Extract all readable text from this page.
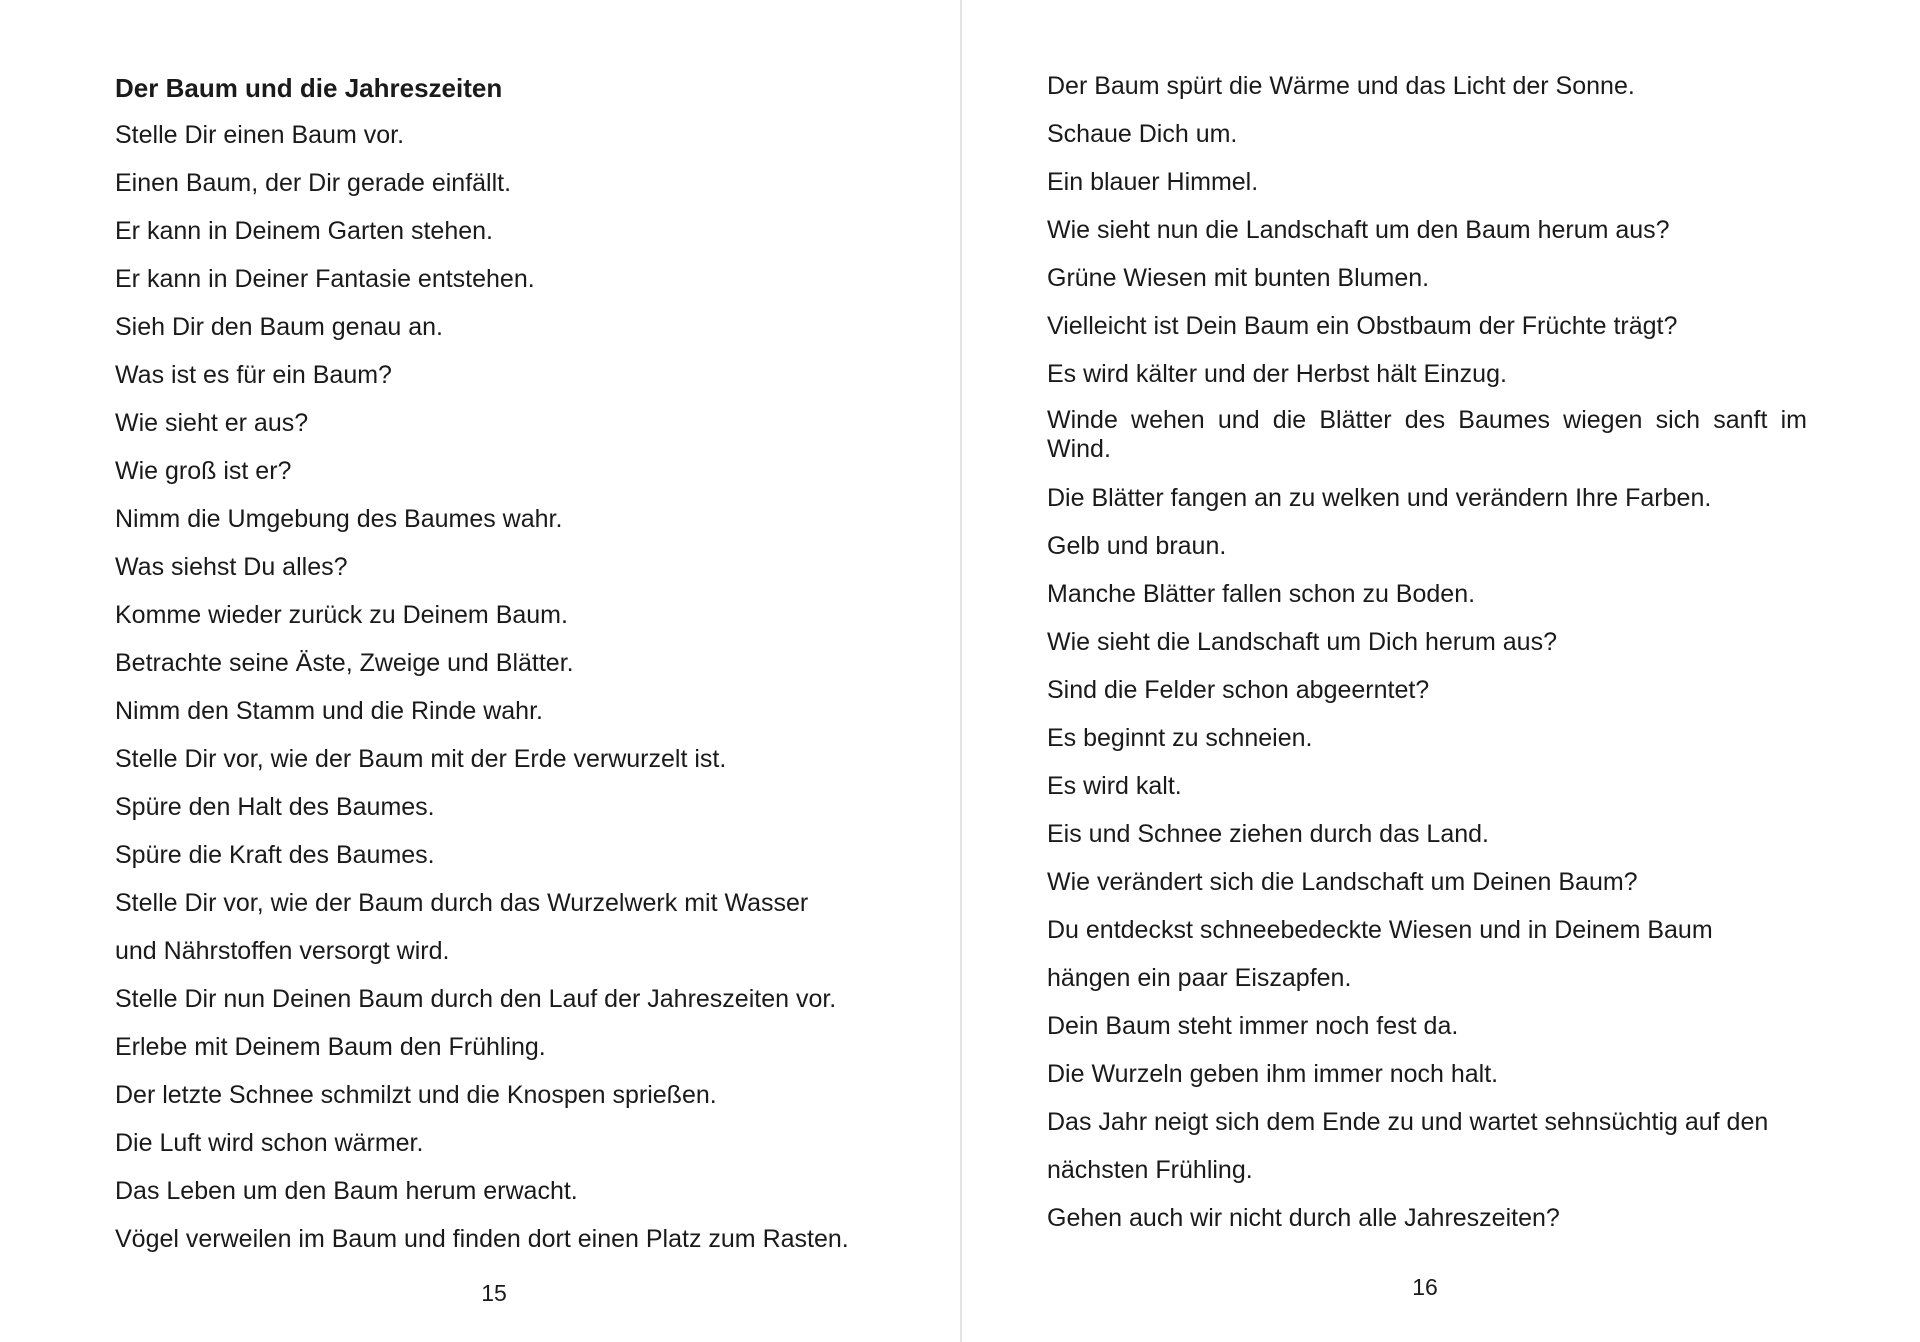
Der Baum und die Jahreszeiten
Stelle Dir einen Baum vor.
Einen Baum, der Dir gerade einfällt.
Er kann in Deinem Garten stehen.
Er kann in Deiner Fantasie entstehen.
Sieh Dir den Baum genau an.
Was ist es für ein Baum?
Wie sieht er aus?
Wie groß ist er?
Nimm die Umgebung des Baumes wahr.
Was siehst Du alles?
Komme wieder zurück zu Deinem Baum.
Betrachte seine Äste, Zweige und Blätter.
Nimm den Stamm und die Rinde wahr.
Stelle Dir vor, wie der Baum mit der Erde verwurzelt ist.
Spüre den Halt des Baumes.
Spüre die Kraft des Baumes.
Stelle Dir vor, wie der Baum durch das Wurzelwerk mit Wasser
und Nährstoffen versorgt wird.
Stelle Dir nun Deinen Baum durch den Lauf der Jahreszeiten vor.
Erlebe mit Deinem Baum den Frühling.
Der letzte Schnee schmilzt und die Knospen sprießen.
Die Luft wird schon wärmer.
Das Leben um den Baum herum erwacht.
Vögel verweilen im Baum und finden dort einen Platz zum Rasten.
15
Der Baum spürt die Wärme und das Licht der Sonne.
Schaue Dich um.
Ein blauer Himmel.
Wie sieht nun die Landschaft um den Baum herum aus?
Grüne Wiesen mit bunten Blumen.
Vielleicht ist Dein Baum ein Obstbaum der Früchte trägt?
Es wird kälter und der Herbst hält Einzug.
Winde wehen und die Blätter des Baumes wiegen sich sanft im Wind.
Die Blätter fangen an zu welken und verändern Ihre Farben.
Gelb und braun.
Manche Blätter fallen schon zu Boden.
Wie sieht die Landschaft um Dich herum aus?
Sind die Felder schon abgeerntet?
Es beginnt zu schneien.
Es wird kalt.
Eis und Schnee ziehen durch das Land.
Wie verändert sich die Landschaft um Deinen Baum?
Du entdeckst schneebedeckte Wiesen und in Deinem Baum
hängen ein paar Eiszapfen.
Dein Baum steht immer noch fest da.
Die Wurzeln geben ihm immer noch halt.
Das Jahr neigt sich dem Ende zu und wartet sehnsüchtig auf den
nächsten Frühling.
Gehen auch wir nicht durch alle Jahreszeiten?
16
